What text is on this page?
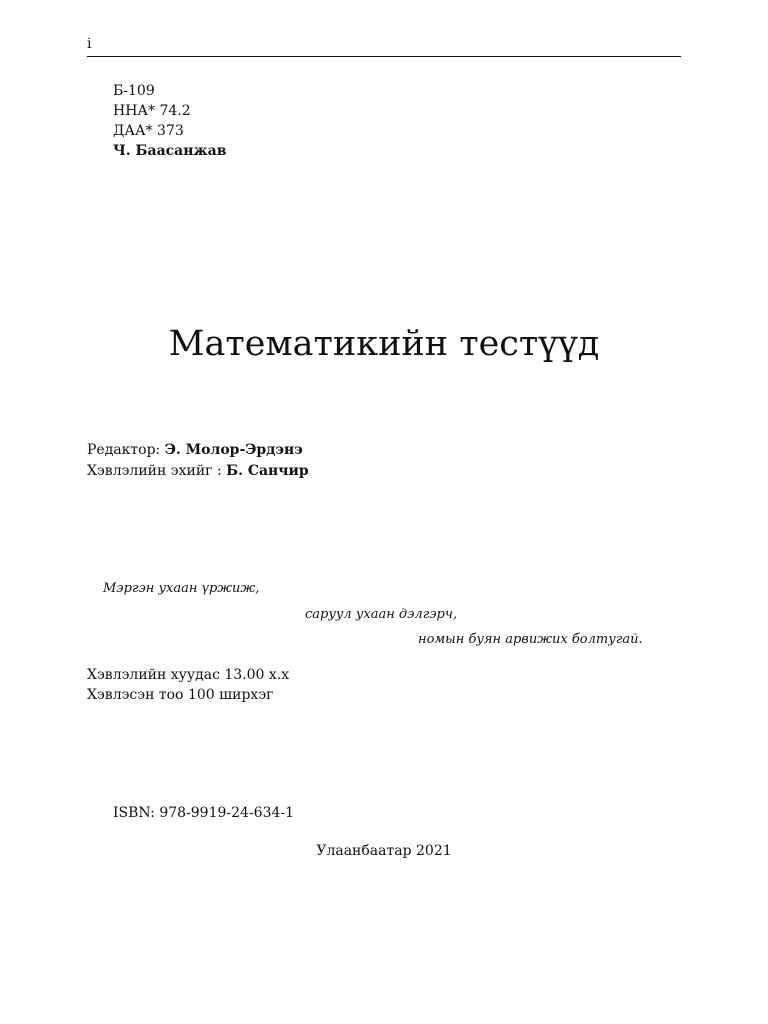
i
Б-109
ННА* 74.2
ДАА* 373
Ч. Баасанжав
Математикийн тестүүд
Редактор: Э. Молор-Эрдэнэ
Хэвлэлийн эхийг : Б. Санчир
Мэргэн ухаан үржиж,
саруул ухаан дэлгэрч,
номын буян арвижих болтугай.
Хэвлэлийн хуудас 13.00 х.х
Хэвлэсэн тоо 100 ширхэг
ISBN: 978-9919-24-634-1
Улаанбаатар 2021
